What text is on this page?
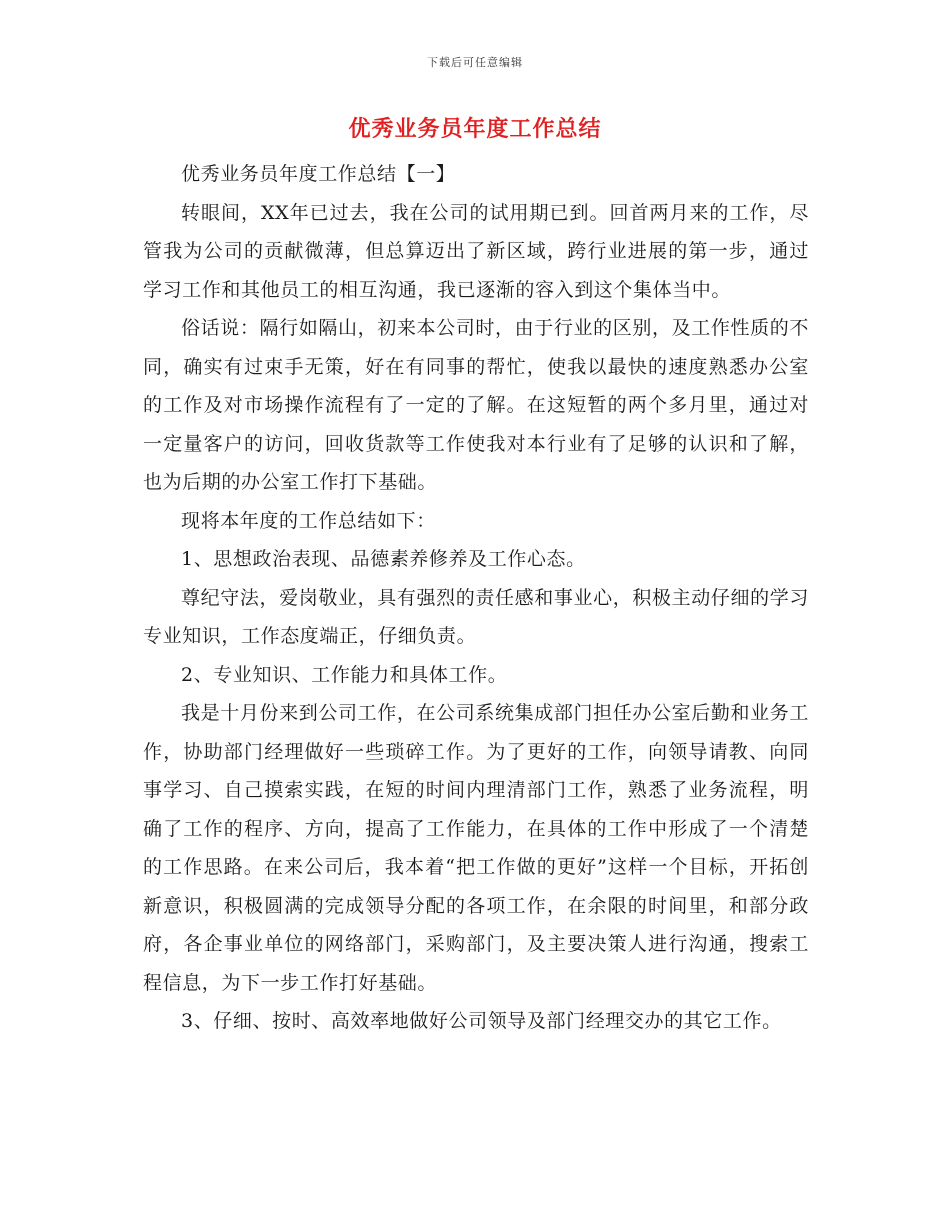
下载后可任意编辑
优秀业务员年度工作总结

优秀业务员年度工作总结【一】

转眼间，XX年已过去，我在公司的试用期已到。回首两月来的工作，尽管我为公司的贡献微薄，但总算迈出了新区域，跨行业进展的第一步，通过学习工作和其他员工的相互沟通，我已逐渐的容入到这个集体当中。

俗话说：隔行如隔山，初来本公司时，由于行业的区别，及工作性质的不同，确实有过束手无策，好在有同事的帮忙，使我以最快的速度熟悉办公室的工作及对市场操作流程有了一定的了解。在这短暂的两个多月里，通过对一定量客户的访问，回收货款等工作使我对本行业有了足够的认识和了解，也为后期的办公室工作打下基础。

现将本年度的工作总结如下：

1、思想政治表现、品德素养修养及工作心态。

尊纪守法，爱岗敬业，具有强烈的责任感和事业心，积极主动仔细的学习专业知识，工作态度端正，仔细负责。

2、专业知识、工作能力和具体工作。

我是十月份来到公司工作，在公司系统集成部门担任办公室后勤和业务工作，协助部门经理做好一些琐碎工作。为了更好的工作，向领导请教、向同事学习、自己摸索实践，在短的时间内理清部门工作，熟悉了业务流程，明确了工作的程序、方向，提高了工作能力，在具体的工作中形成了一个清楚的工作思路。在来公司后，我本着“把工作做的更好”这样一个目标，开拓创新意识，积极圆满的完成领导分配的各项工作，在余限的时间里，和部分政府，各企事业单位的网络部门，采购部门，及主要决策人进行沟通，搜索工程信息，为下一步工作打好基础。

3、仔细、按时、高效率地做好公司领导及部门经理交办的其它工作。
